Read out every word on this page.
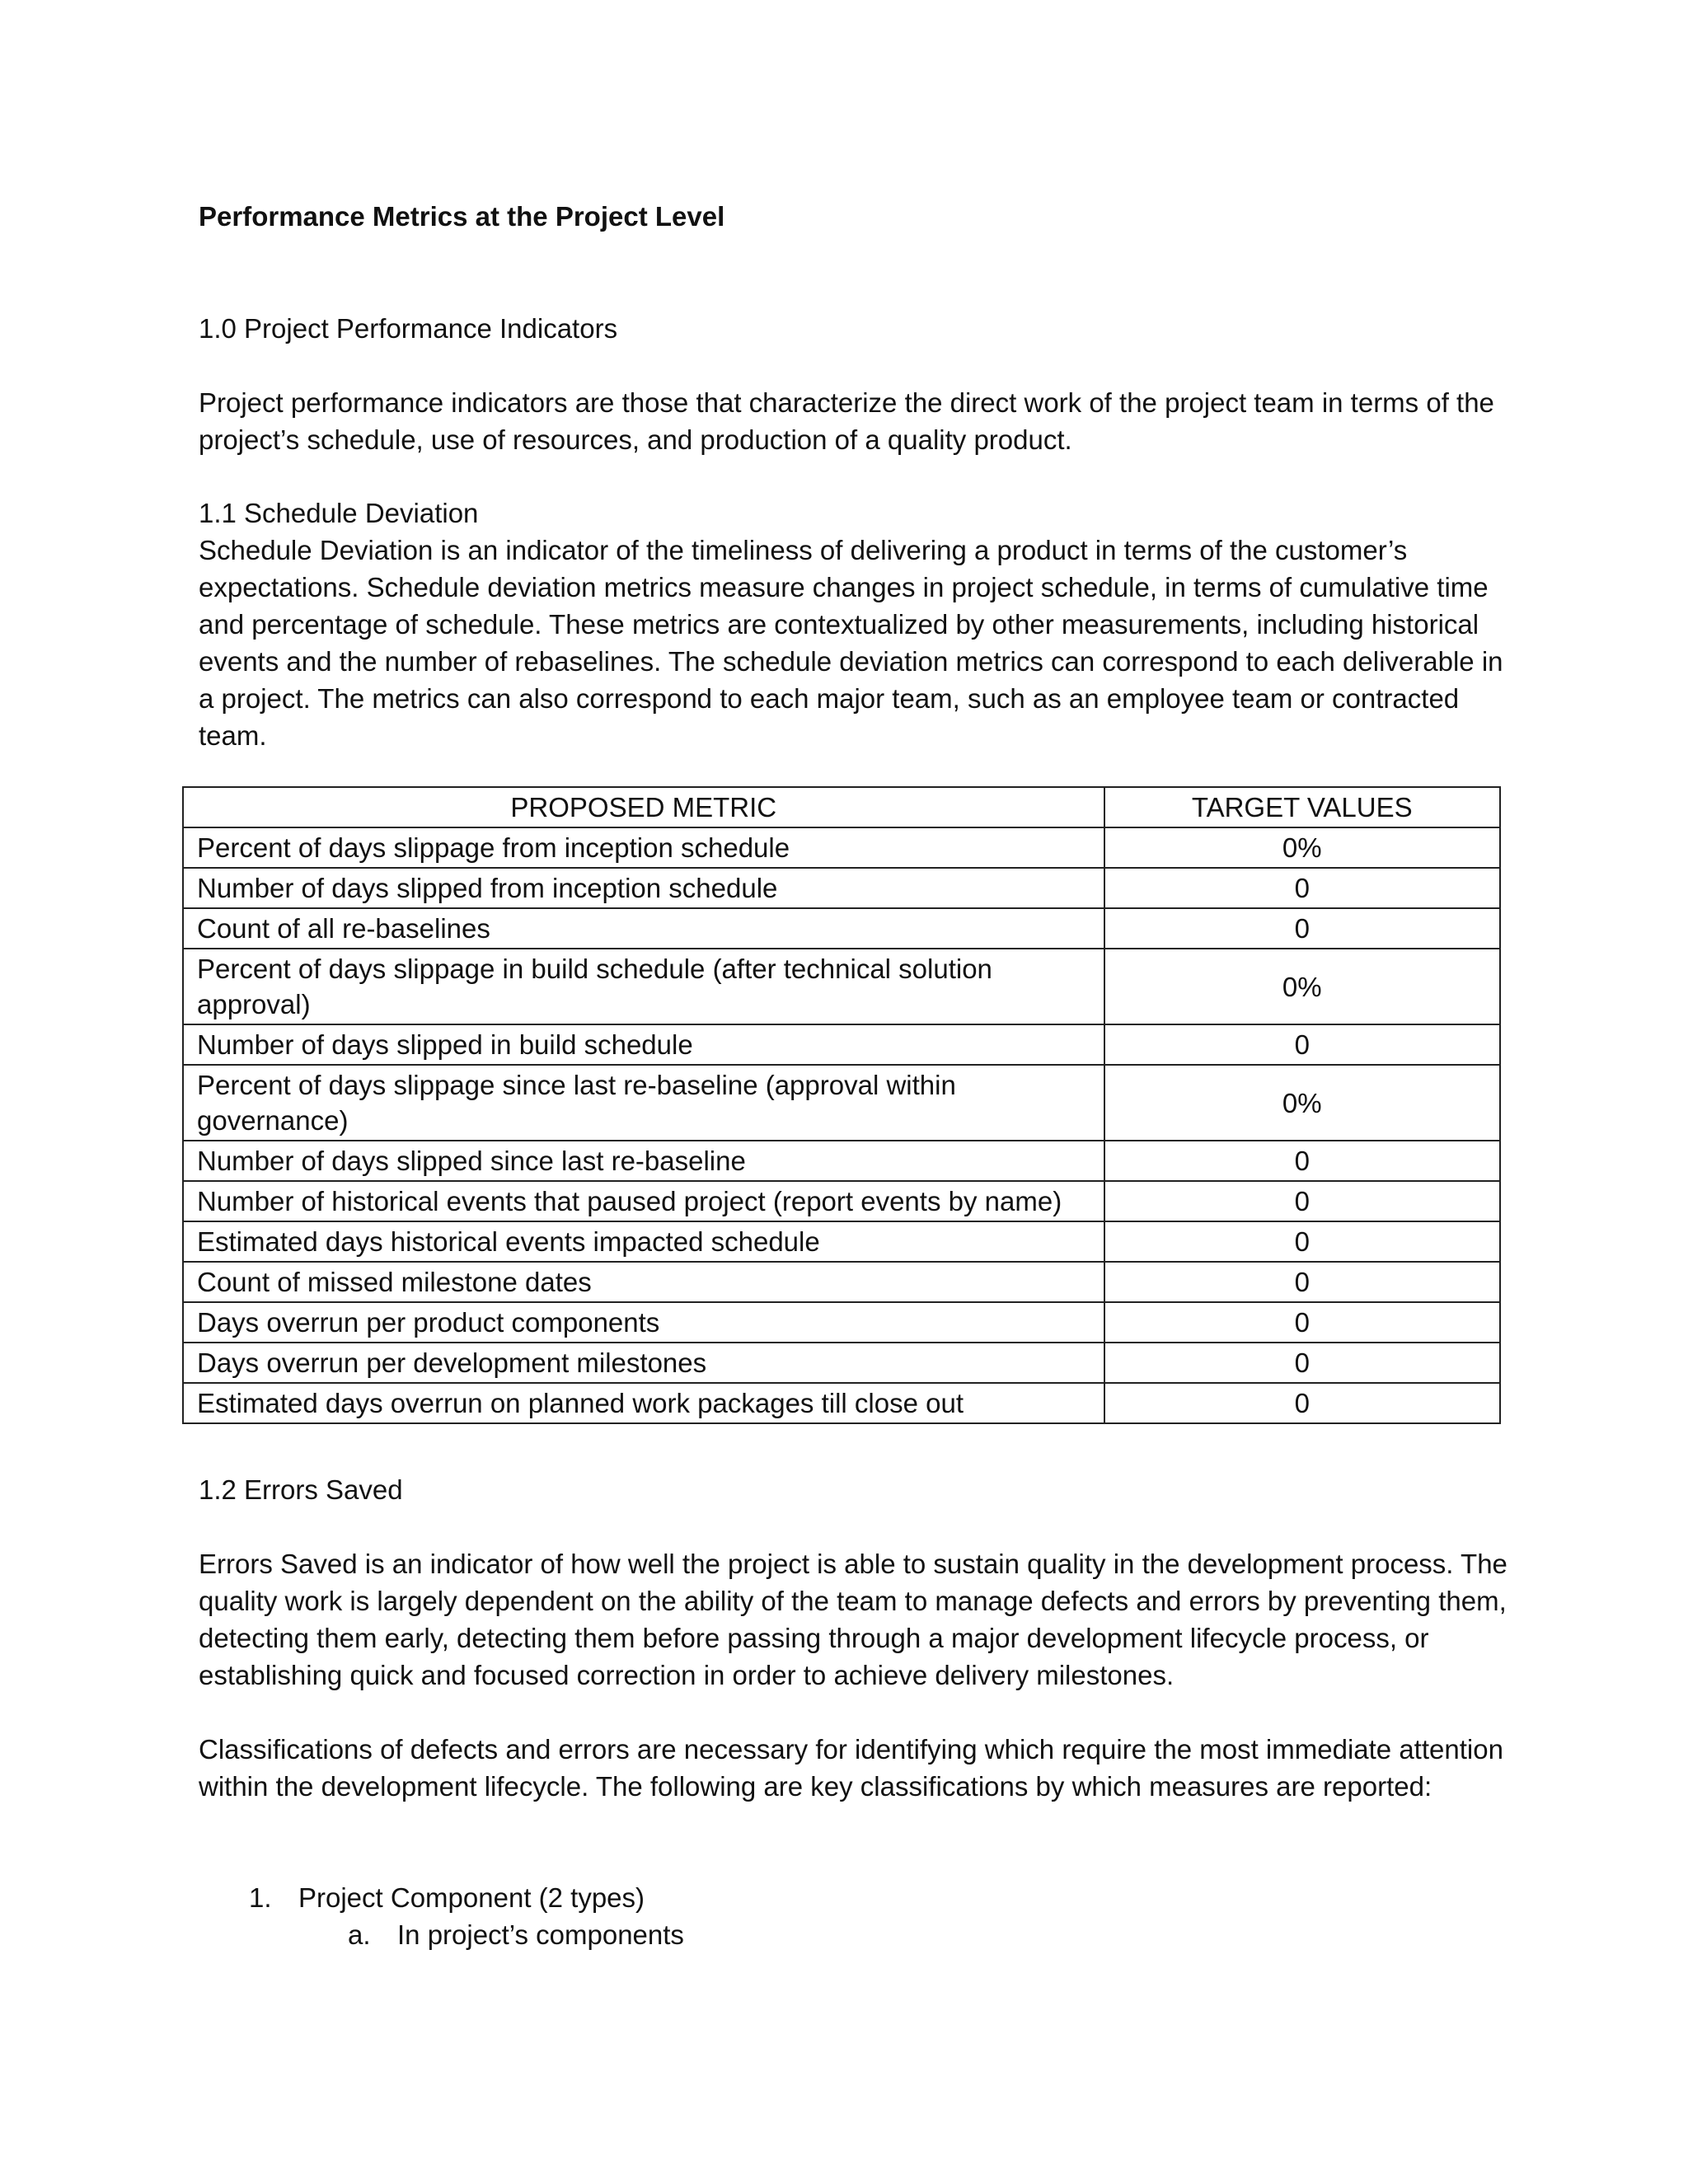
Performance Metrics at the Project Level

1.0 Project Performance Indicators

Project performance indicators are those that characterize the direct work of the project team in terms of the project’s schedule, use of resources, and production of a quality product.

1.1 Schedule Deviation

Schedule Deviation is an indicator of the timeliness of delivering a product in terms of the customer’s expectations. Schedule deviation metrics measure changes in project schedule, in terms of cumulative time and percentage of schedule. These metrics are contextualized by other measurements, including historical events and the number of rebaselines. The schedule deviation metrics can correspond to each deliverable in a project. The metrics can also correspond to each major team, such as an employee team or contracted team.

PROPOSED METRIC	TARGET VALUES
Percent of days slippage from inception schedule	0%
Number of days slipped from inception schedule	0
Count of all re-baselines	0
Percent of days slippage in build schedule (after technical solution approval)	0%
Number of days slipped in build schedule	0
Percent of days slippage since last re-baseline (approval within governance)	0%
Number of days slipped since last re-baseline	0
Number of historical events that paused project (report events by name)	0
Estimated days historical events impacted schedule	0
Count of missed milestone dates	0
Days overrun per product components	0
Days overrun per development milestones	0
Estimated days overrun on planned work packages till close out	0

1.2 Errors Saved

Errors Saved is an indicator of how well the project is able to sustain quality in the development process. The quality work is largely dependent on the ability of the team to manage defects and errors by preventing them, detecting them early, detecting them before passing through a major development lifecycle process, or establishing quick and focused correction in order to achieve delivery milestones.

Classifications of defects and errors are necessary for identifying which require the most immediate attention within the development lifecycle. The following are key classifications by which measures are reported:

1. Project Component (2 types)
a. In project’s components
